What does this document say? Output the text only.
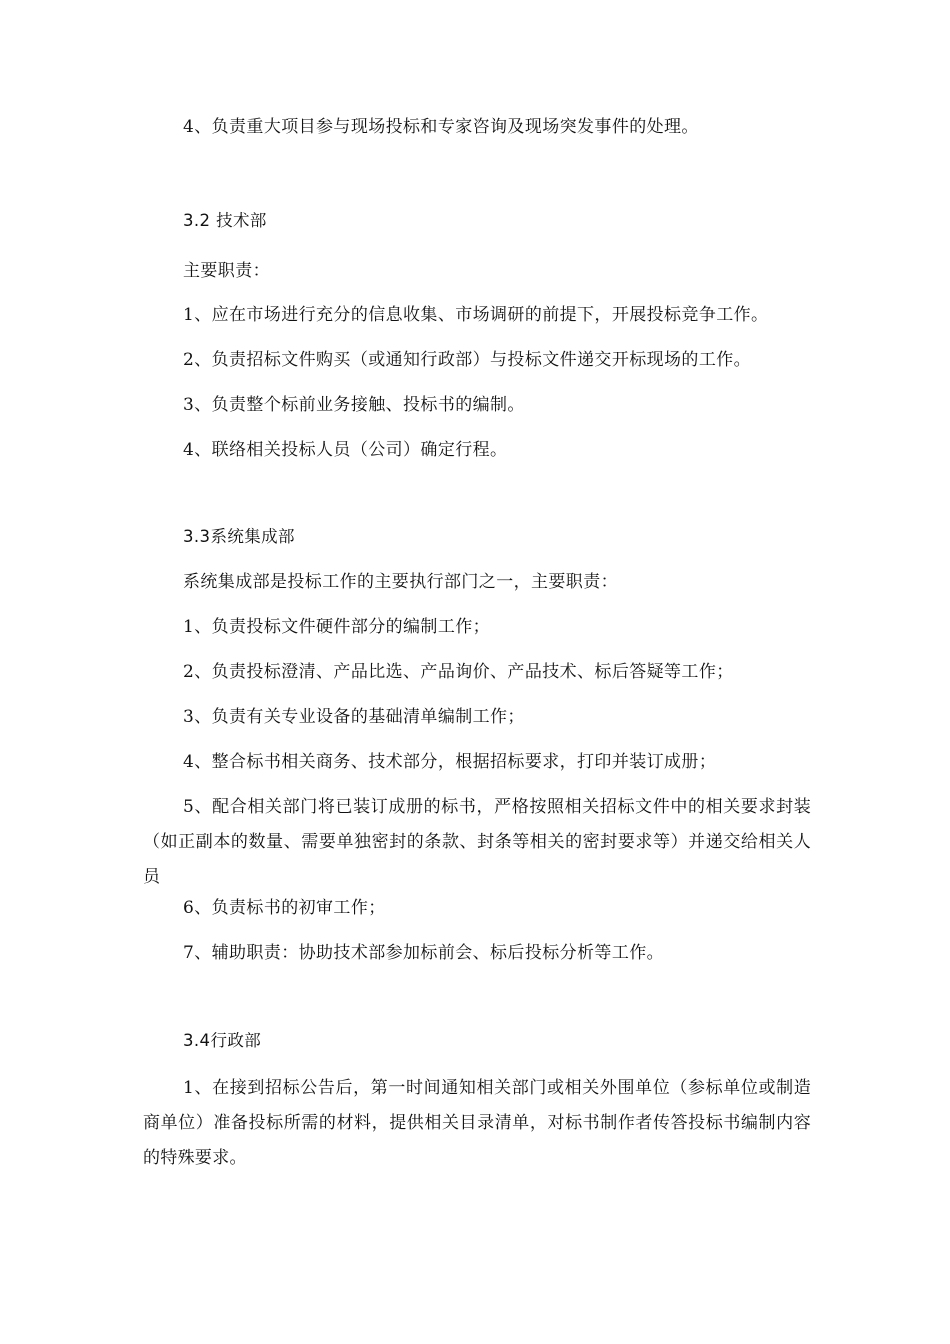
4、负责重大项目参与现场投标和专家咨询及现场突发事件的处理。
3.2 技术部
主要职责：
1、应在市场进行充分的信息收集、市场调研的前提下，开展投标竞争工作。
2、负责招标文件购买（或通知行政部）与投标文件递交开标现场的工作。
3、负责整个标前业务接触、投标书的编制。
4、联络相关投标人员（公司）确定行程。
3.3系统集成部
系统集成部是投标工作的主要执行部门之一，主要职责：
1、负责投标文件硬件部分的编制工作；
2、负责投标澄清、产品比选、产品询价、产品技术、标后答疑等工作；
3、负责有关专业设备的基础清单编制工作；
4、整合标书相关商务、技术部分，根据招标要求，打印并装订成册；
5、配合相关部门将已装订成册的标书，严格按照相关招标文件中的相关要求封装（如正副本的数量、需要单独密封的条款、封条等相关的密封要求等）并递交给相关人员
6、负责标书的初审工作；
7、辅助职责：协助技术部参加标前会、标后投标分析等工作。
3.4行政部
1、在接到招标公告后，第一时间通知相关部门或相关外围单位（参标单位或制造商单位）准备投标所需的材料，提供相关目录清单，对标书制作者传答投标书编制内容的特殊要求。
